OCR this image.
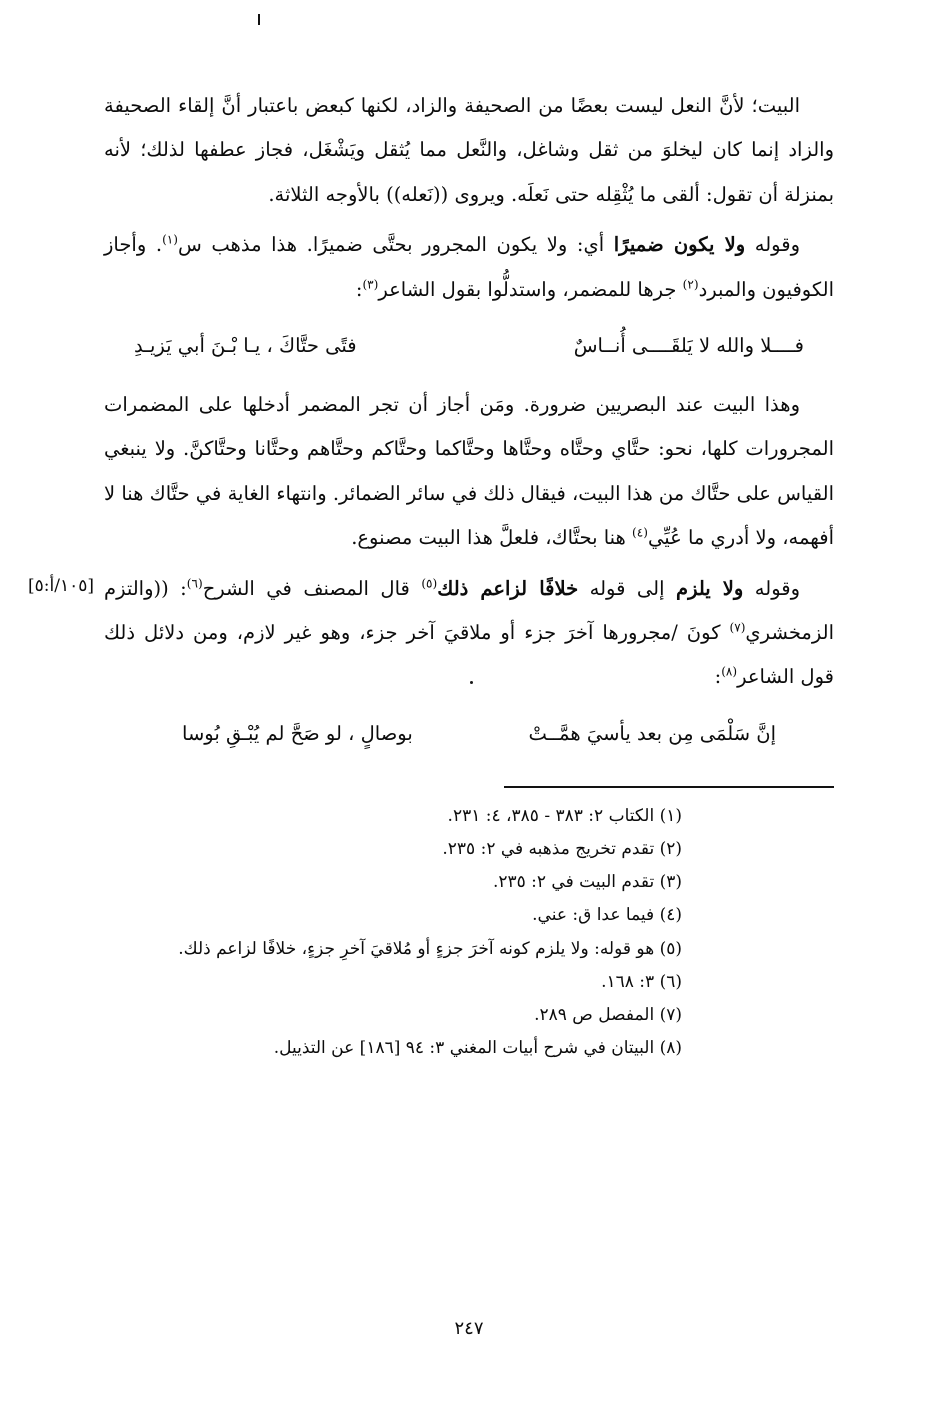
البيت؛ لأنَّ النعل ليست بعضًا من الصحيفة والزاد، لكنها كبعض باعتبار أنَّ إلقاء الصحيفة والزاد إنما كان ليخلوَ من ثقل وشاغل، والنَّعل مما يُثقل ويَشْغَل، فجاز عطفها لذلك؛ لأنه بمنزلة أن تقول: ألقى ما يُثْقِله حتى نَعلَه. ويروى ((نَعله)) بالأوجه الثلاثة.

وقوله ولا يكون ضميرًا أي: ولا يكون المجرور بحتَّى ضميرًا. هذا مذهب س$^{(١)}$. وأجاز الكوفيون والمبرد$^{(٢)}$ جرها للمضمر، واستدلُّوا بقول الشاعر$^{(٣)}$:

فــــلا والله لا يَلقَــــى أُنــاسٌ
فتًى حتَّاكَ ، يـا بْـنَ أبي يَزيـدِ

وهذا البيت عند البصريين ضرورة. ومَن أجاز أن تجر المضمر أدخلها على المضمرات المجرورات كلها، نحو: حتَّاي وحتَّاه وحتَّاها وحتَّاكما وحتَّاكم وحتَّاهم وحتَّانا وحتَّاكنَّ. ولا ينبغي القياس على حتَّاك من هذا البيت، فيقال ذلك في سائر الضمائر. وانتهاء الغاية في حتَّاك هنا لا أفهمه، ولا أدري ما عُيِّي$^{(٤)}$ هنا بحتَّاك، فلعلَّ هذا البيت مصنوع.

وقوله ولا يلزم إلى قوله خلافًا لزاعم ذلك$^{(٥)}$ قال المصنف في الشرح$^{(٦)}$: ((والتزم الزمخشري$^{(٧)}$ كونَ /مجرورها آخرَ جزء أو ملاقيَ آخر جزء، وهو غير لازم، ومن دلائل ذلك قول الشاعر$^{(٨)}$:

[١٠٥/أ:٥]
إنَّ سَلْمَى مِن بعد يأسيَ همَّــتْ
بوصالٍ ، لو صَحَّ لم يُبْـقِ بُوسا
(١) الكتاب ٢: ٣٨٣ - ٣٨٥، ٤: ٢٣١.
(٢) تقدم تخريج مذهبه في ٢: ٢٣٥.
(٣) تقدم البيت في ٢: ٢٣٥.
(٤) فيما عدا ق: عني.
(٥) هو قوله: ولا يلزم كونه آخرَ جزءٍ أو مُلاقيَ آخرِ جزءٍ، خلافًا لزاعم ذلك.
(٦) ٣: ١٦٨.
(٧) المفصل ص ٢٨٩.
(٨) البيتان في شرح أبيات المغني ٣: ٩٤ [١٨٦] عن التذييل.
٢٤٧
